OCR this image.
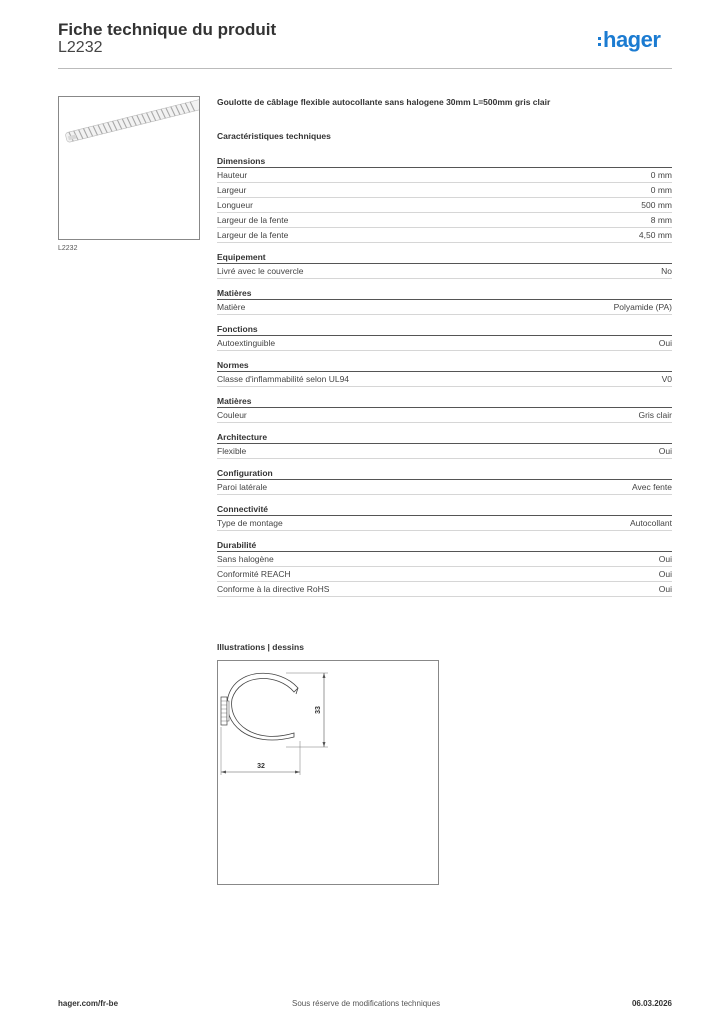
Fiche technique du produit
L2232	hager
L2232
Goulotte de câblage flexible autocollante sans halogene 30mm L=500mm gris clair
Caractéristiques techniques
Dimensions
Hauteur	0 mm
Largeur	0 mm
Longueur	500 mm
Largeur de la fente	8 mm
Largeur de la fente	4,50 mm
Equipement
Livré avec le couvercle	No
Matières
Matière	Polyamide (PA)
Fonctions
Autoextinguible	Oui
Normes
Classe d'inflammabilité selon UL94	V0
Matières
Couleur	Gris clair
Architecture
Flexible	Oui
Configuration
Paroi latérale	Avec fente
Connectivité
Type de montage	Autocollant
Durabilité
Sans halogène	Oui
Conformité REACH	Oui
Conforme à la directive RoHS	Oui
Illustrations | dessins
33
32
hager.com/fr-be	Sous réserve de modifications techniques	06.03.2026
